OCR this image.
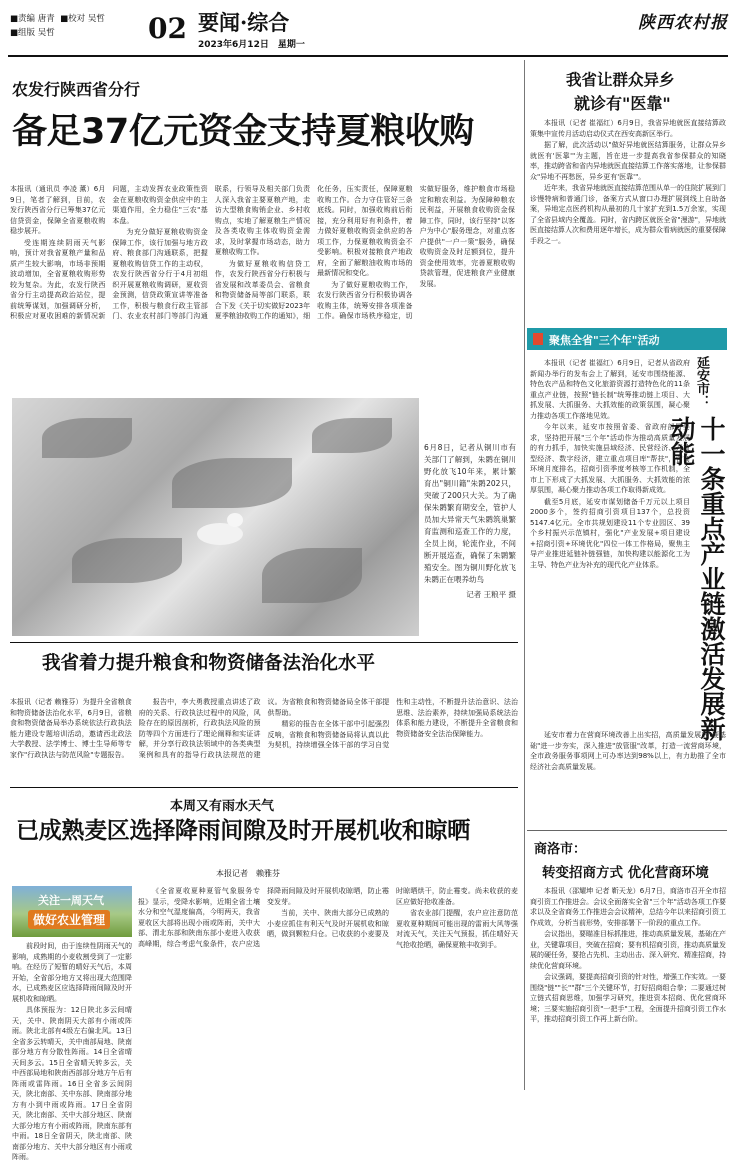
■责编 唐青 ■校对 吴哲
■组版 吴哲	02 要闻·综合
2023年6月12日　星期一
陕西农村报
农发行陕西省分行
备足37亿元资金支持夏粮收购

本报讯（通讯员 李凌 薰）6月9日，笔者了解到，目前，农发行陕西省分行已筹集37亿元信贷资金，保障全省夏粮收购稳步展开。

受连期连续阴雨天气影响，预计对我省夏粮产量和品质产生较大影响，市场非预期波动增加，全省夏粮收购形势较为复杂。为此，农发行陕西省分行主动提高政治站位，提前统筹谋划，加强调研分析，积极应对夏收困难的新情况新问题，主动发挥农业政策性资金在夏粮收购资金供应中的主渠道作用，全力稳住"三农"基本盘。

为充分做好夏粮收购资金保障工作，该行加强与地方政府、粮食部门沟通联系，把握夏粮收购信贷工作的主动权，农发行陕西省分行于4月初组织开展夏粮收购调研，夏收资金预测，信贷政策宣讲等准备工作，积极与粮食行政主管部门、农业农村部门等部门沟通联系，行领导及相关部门负责人深入我省主要夏粮产地，走访大型粮食购销企业、乡村收购点，实地了解夏粮生产情况及各类收购主体收购资金需求，及时掌握市场动态，助力夏粮收购工作。

为做好夏粮收购信贷工作，农发行陕西省分行积极与省发展和改革委员会、省粮食和物资储备局等部门联系，联合下发《关于切实做好2023年夏季粮油收购工作的通知》，细化任务，压实责任，保障夏粮收购工作。合力守住管好三条底线。同时，加强收购前后衔接，充分利用好有利条件，着力做好夏粮收购资金供应的各项工作，力保夏粮收购资金不受影响。积极对接粮食产地政府，全面了解粮油收购市场的最新情况和变化。

为了做好夏粮收购工作，农发行陕西省分行积极协调各收购主体，统筹安排各项准备工作。确保市场秩序稳定，切实做好服务，维护粮食市场稳定和粮农利益。为保障种粮农民利益，开展粮食收购资金保障工作，同时，该行坚持"以客户为中心"服务理念，对重点客户提供"一户一策"服务，确保收购资金及时足额到位，提升资金使用效率，完善夏粮收购贷款管理，促进粮食产业健康发展。

6月8日，记者从铜川市有关部门了解到，朱鹮在铜川野化放飞10年来，累计繁育出"铜川籍"朱鹮202只，突破了200只大关。为了确保朱鹮繁育期安全，管护人员加大异常天气朱鹮筑巢繁育监测和巡查工作的力度，全员上岗，轮流作业，不间断开展巡查，确保了朱鹮繁殖安全。图为铜川野化放飞朱鹮正在喂养幼鸟
记者 王粮平 摄
我省着力提升粮食和物资储备法治化水平

本报讯（记者 赖雅芬）为提升全省粮食和物资储备法治化水平，6月9日，省粮食和物资储备局举办系统依法行政执法能力建设专题培训活动，邀请西北政法大学教授、法学博士、博士生导师等专家作"行政执法与防范风险"专题报告。

报告中，李大勇教授重点讲述了政府的关系、行政执法过程中的风险，风险存在的原因剖析，行政执法风险的预防等四个方面进行了理论阐释和实证讲解，并分享行政执法领域中的各类典型案例和具有的指导行政执法规范的建议。为省粮食和物资储备局全体干部提供帮助。

精彩的报告在全体干部中引起强烈反响，省粮食和物资储备局将认真以此为契机，持续增强全体干部的学习自觉性和主动性，不断提升法治意识、法治思维、法治素养，持续加强局系统法治体系和能力建设，不断提升全省粮食和物资储备安全法治保障能力。

本周又有雨水天气
已成熟麦区选择降雨间隙及时开展机收和晾晒
本报记者　赖雅芬
关注一周天气
做好农业管理

前段时间，由于连续性阴雨天气的影响，成熟期的小麦收割受到了一定影响。在经历了短暂的晴好天气后，本周开始，全省部分地方又将出现大范围降水，已成熟麦区应选择降雨间隙及时开展机收和晾晒。

具体预报为：12日陕北多云间晴天，关中、陕南阴天大部有小雨或阵雨。陕北北部有4级左右偏北风。13日全省多云转晴天，关中南部局地、陕南部分地方有分散性阵雨。14日全省晴天间多云。15日全省晴天转多云，关中西部局地和陕南西部部分地方午后有阵雨或雷阵雨。16日全省多云间阴天，陕北南部、关中东部、陕南部分地方有小到中雨或阵雨。17日全省阴天，陕北南部、关中大部分地区、陕南大部分地方有小雨或阵雨，陕南东部有中雨。18日全省阴天，陕北南部、陕南部分地方、关中大部分地区有小雨或阵雨。

《全省夏收夏种夏管气象服务专报》显示，受降水影响，近期全省土壤水分和空气湿度偏高，今明两天，我省夏收区大部将出现小雨或阵雨，关中大部、渭北东部和陕南东部小麦进入收获高峰期，综合考虑气象条件，农户应选择降雨间隙及时开展机收晾晒，防止霉变发芽。

当前，关中、陕南大部分已成熟的小麦应抓住有利天气及时开展机收和晾晒，做到颗粒归仓。已收获的小麦要及时晾晒烘干，防止霉变。尚未收获的麦区应做好抢收准备。

省农业部门提醒，农户应注意防范夏收夏种期间可能出现的雷雨大风等强对流天气，关注天气预报，抓住晴好天气抢收抢晒，确保夏粮丰收到手。

我省让群众异乡
就诊有"医靠"

本报讯（记者 崔福红）6月9日，我省异地就医直接结算政策集中宣传月活动启动仪式在西安高新区举行。

据了解，此次活动以"做好异地就医结算服务，让群众异乡就医有'医靠'"为主题，旨在进一步提高我省参保群众的知晓率，推动跨省和省内异地就医直接结算工作落实落地，让参保群众"异地不再愁医，异乡更有'医靠'"。

近年来，我省异地就医直接结算范围从单一的住院扩展到门诊慢特病和普通门诊，备案方式从窗口办理扩展到线上自助备案，异地定点医药机构从最初的几十家扩充到1.5万余家，实现了全省县域内全覆盖。同时，省内跨区就医全省"漫游"，异地就医直接结算人次和费用逐年增长，成为群众看病就医的重要保障手段之一。

聚焦全省"三个年"活动

本报讯（记者 崔福红）6月9日，记者从省政府新闻办举行的发布会上了解到，延安市围绕能源、特色农产品和特色文化旅游资源打造特色化的11条重点产业链，按照"链长制"统筹推动链上项目、大抓发展、大抓服务、大抓效能的政策氛围，凝心聚力推动各项工作落地见效。

今年以来，延安市按照省委、省政府部署要求，坚持把开展"三个年"活动作为推动高质量发展的有力抓手，加快实施县域经济、民营经济、开放型经济、数字经济，建立重点项目库"帮扶"，营商环境月度排名，招商引资季度考核等工作机制，全市上下形成了大抓发展、大抓服务、大抓效能的浓厚氛围，凝心聚力推动各项工作取得新成效。

截至5月底，延安市谋划储备千万元以上项目2000多个，签约招商引资项目137个，总投资5147.4亿元。全市共规划建设11个专业园区、39个乡村振兴示范镇村，强化"产业发展+项目建设+招商引资+环境优化"四位一体工作格局，聚焦主导产业推进延链补链强链，加快构建以能源化工为主导、特色产业为补充的现代化产业体系。

延安市：
十一条重点产业链激活发展新动能

延安市着力在营商环境改善上出实招，高质量发展的"硬基础"进一步夯实，深入推进"放管服"改革，打造一流营商环境，全市政务服务事项网上可办率达到98%以上，有力助推了全市经济社会高质量发展。

商洛市：
转变招商方式 优化营商环境

本报讯（邵耀坤 记者 靳天龙）6月7日，商洛市召开全市招商引资工作推进会。会议全面落实全省"三个年"活动各项工作要求以及全省商务工作推进会会议精神，总结今年以来招商引资工作成效，分析当前形势，安排部署下一阶段的重点工作。

会议指出，要瞄准目标抓推进，推动高质量发展，基础在产业，关键靠项目，突破在招商；要有机招商引资，推动高质量发展的硬任务，要抢占先机、主动出击、深入研究、精准招商，持续优化营商环境。

会议强调，要提高招商引资的针对性，增强工作实效。一要围绕"链""长""群"三个关键环节，打好招商组合拳；二要通过树立链式招商思维，加强学习研究，推进资本招商、优化营商环境；三要实施招商引资"一把手"工程，全面提升招商引资工作水平，推动招商引资工作再上新台阶。
